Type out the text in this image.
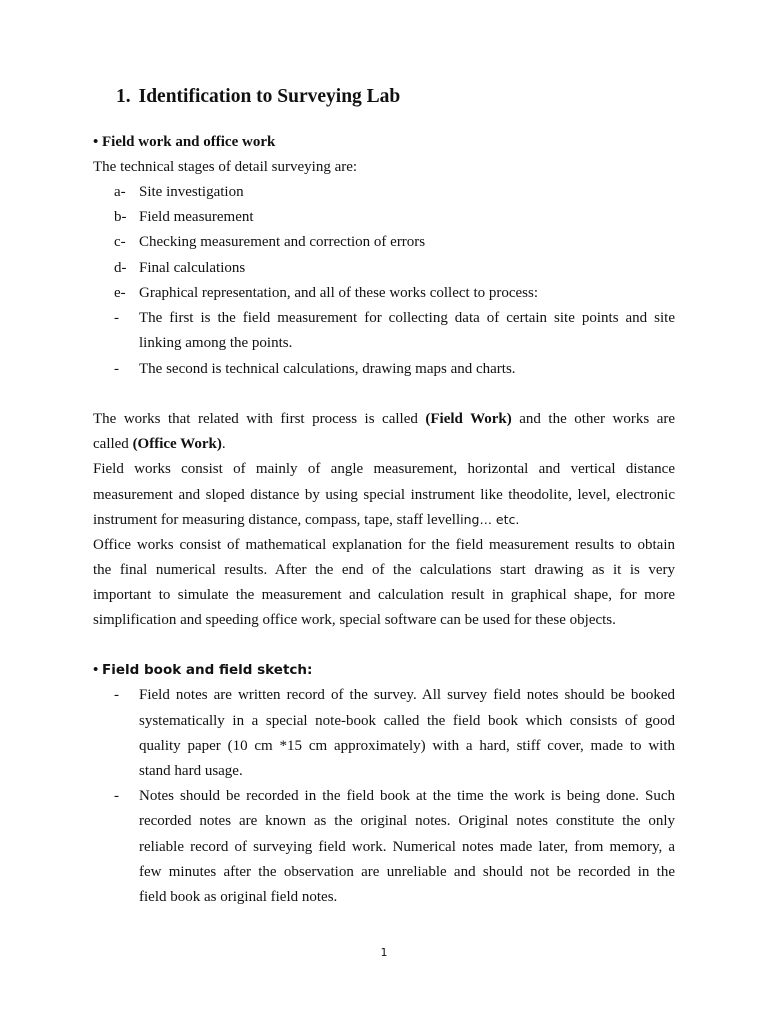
1. Identification to Surveying Lab
• Field work and office work
The technical stages of detail surveying are:
a- Site investigation
b- Field measurement
c- Checking measurement and correction of errors
d- Final calculations
e- Graphical representation, and all of these works collect to process:
-	The first is the field measurement for collecting data of certain site points and site
linking among the points.
-	The second is technical calculations, drawing maps and charts.
The works that related with first process is called (Field Work) and the other works are
called (Office Work).
Field works consist of mainly of angle measurement, horizontal and vertical distance
measurement and sloped distance by using special instrument like theodolite, level, electronic
instrument for measuring distance, compass, tape, staff levelling… etc.
Office works consist of mathematical explanation for the field measurement results to obtain
the final numerical results. After the end of the calculations start drawing as it is very
important to simulate the measurement and calculation result in graphical shape, for more
simplification and speeding office work, special software can be used for these objects.
• Field book and field sketch:
-	Field notes are written record of the survey. All survey field notes should be booked
systematically in a special note-book called the field book which consists of good
quality paper (10 cm *15 cm approximately) with a hard, stiff cover, made to with
stand hard usage.
-	Notes should be recorded in the field book at the time the work is being done. Such
recorded notes are known as the original notes. Original notes constitute the only
reliable record of surveying field work. Numerical notes made later, from memory, a
few minutes after the observation are unreliable and should not be recorded in the
field book as original field notes.
1
